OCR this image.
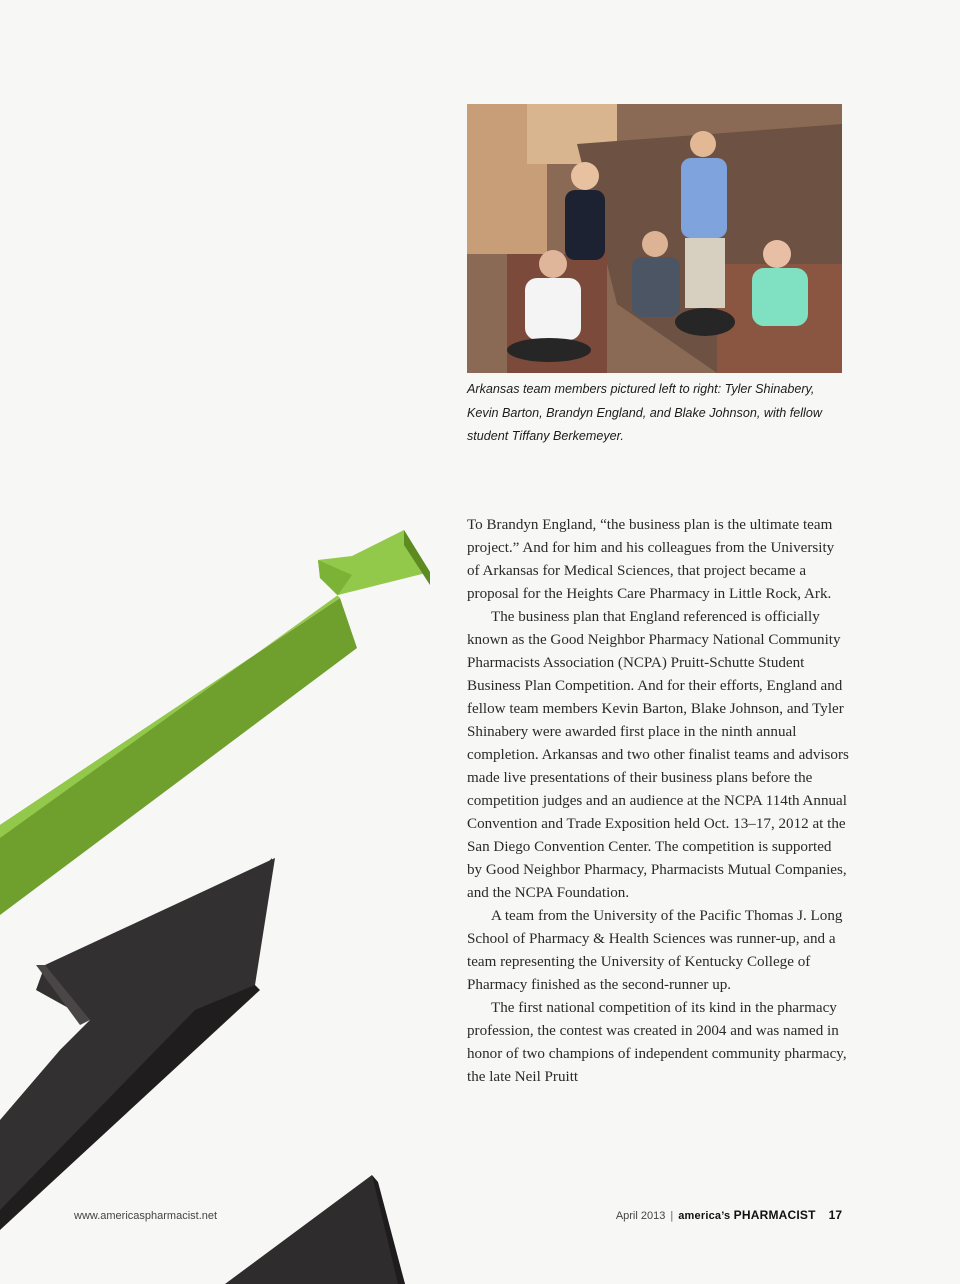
Arkansas team members pictured left to right: Tyler Shinabery, Kevin Barton, Brandyn England, and Blake Johnson, with fellow student Tiffany Berkemeyer.

To Brandyn England, “the business plan is the ultimate team project.” And for him and his colleagues from the University of Arkansas for Medical Sciences, that project became a proposal for the Heights Care Pharmacy in Little Rock, Ark.

The business plan that England referenced is officially known as the Good Neighbor Pharmacy National Community Pharmacists Association (NCPA) Pruitt-Schutte Student Business Plan Competition. And for their efforts, England and fellow team members Kevin Barton, Blake Johnson, and Tyler Shinabery were awarded first place in the ninth annual completion. Arkansas and two other finalist teams and advisors made live presentations of their business plans before the competition judges and an audience at the NCPA 114th Annual Convention and Trade Exposition held Oct. 13–17, 2012 at the San Diego Convention Center. The competition is supported by Good Neighbor Pharmacy, Pharmacists Mutual Companies, and the NCPA Foundation.

A team from the University of the Pacific Thomas J. Long School of Pharmacy & Health Sciences was runner-up, and a team representing the University of Kentucky College of Pharmacy finished as the second-runner up.

The first national competition of its kind in the pharmacy profession, the contest was created in 2004 and was named in honor of two champions of independent community pharmacy, the late Neil Pruitt

www.americaspharmacist.net	April 2013 | america’s PHARMACIST 17
